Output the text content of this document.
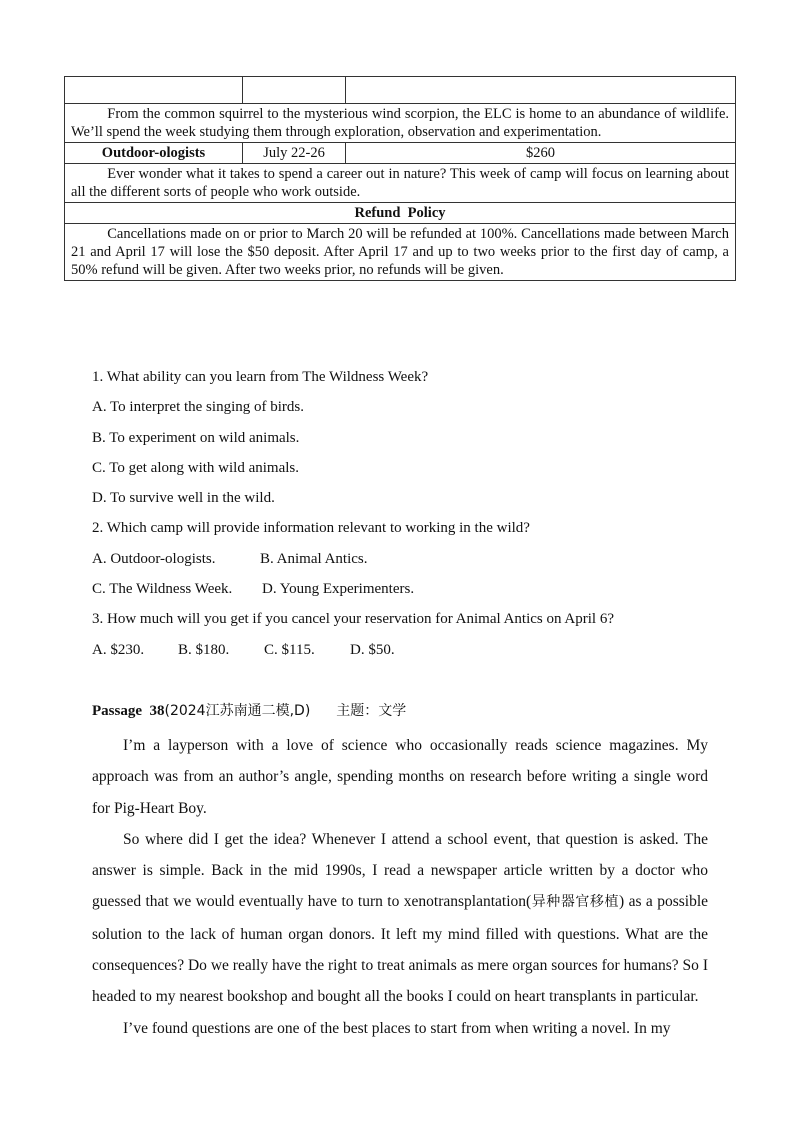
From the common squirrel to the mysterious wind scorpion, the ELC is home to an abundance of wildlife. We’ll spend the week studying them through exploration, observation and experimentation.		
Outdoor-ologists	July 22-26	$260
Ever wonder what it takes to spend a career out in nature? This week of camp will focus on learning about all the different sorts of people who work outside.		
Refund  Policy		
Cancellations made on or prior to March 20 will be refunded at 100%. Cancellations made between March 21 and April 17 will lose the $50 deposit. After April 17 and up to two weeks prior to the first day of camp, a 50% refund will be given. After two weeks prior, no refunds will be given.		
1. What ability can you learn from The Wildness Week?
A. To interpret the singing of birds.
B. To experiment on wild animals.
C. To get along with wild animals.
D. To survive well in the wild.
2. Which camp will provide information relevant to working in the wild?
A. Outdoor-ologists.	B. Animal Antics.
C. The Wildness Week. D. Young Experimenters.
3. How much will you get if you cancel your reservation for Animal Antics on April 6?
A. $230. B. $180. C. $115. D. $50.
Passage  38(2024江苏南通二模,D) 主题：文学

I’m a layperson with a love of science who occasionally reads science magazines. My approach was from an author’s angle, spending months on research before writing a single word for Pig-Heart Boy.

So where did I get the idea? Whenever I attend a school event, that question is asked. The answer is simple. Back in the mid 1990s, I read a newspaper article written by a doctor who guessed that we would eventually have to turn to xenotransplantation(异种器官移植) as a possible solution to the lack of human organ donors. It left my mind filled with questions. What are the consequences? Do we really have the right to treat animals as mere organ sources for humans? So I headed to my nearest bookshop and bought all the books I could on heart transplants in particular.

I’ve found questions are one of the best places to start from when writing a novel. In my
